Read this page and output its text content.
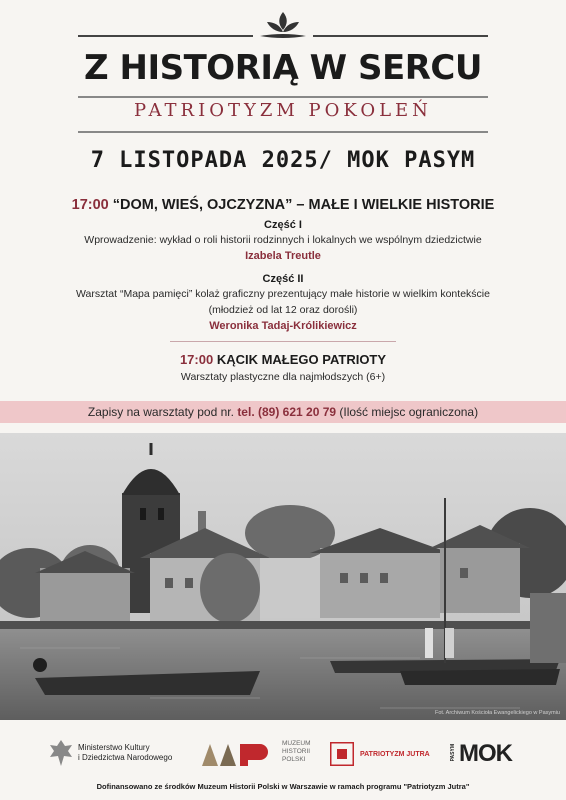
Z HISTORIĄ W SERCU
PATRIOTYZM POKOLEŃ
7 LISTOPADA 2025/ MOK PASYM
17:00 “DOM, WIEŚ, OJCZYZNA” – MAŁE I WIELKIE HISTORIE
Część I
Wprowadzenie: wykład o roli historii rodzinnych i lokalnych we wspólnym dziedzictwie
Izabela Treutle
Część II
Warsztat “Mapa pamięci” kolaż graficzny prezentujący małe historie w wielkim kontekście
(młodzież od lat 12 oraz dorośli)
Weronika Tadaj-Królikiewicz
17:00 KĄCIK MAŁEGO PATRIOTY
Warsztaty plastyczne dla najmłodszych (6+)
Zapisy na warsztaty pod nr. tel. (89) 621 20 79 (Ilość miejsc ograniczona)
Fot. Archiwum Kościoła Ewangelickiego w Pasymiu
Ministerstwo Kultury
i Dziedzictwa Narodowego
MUZEUM
HISTORII
POLSKI
PATRIOTYZM JUTRA	PASYM MOK
Dofinansowano ze środków Muzeum Historii Polski w Warszawie w ramach programu "Patriotyzm Jutra"
